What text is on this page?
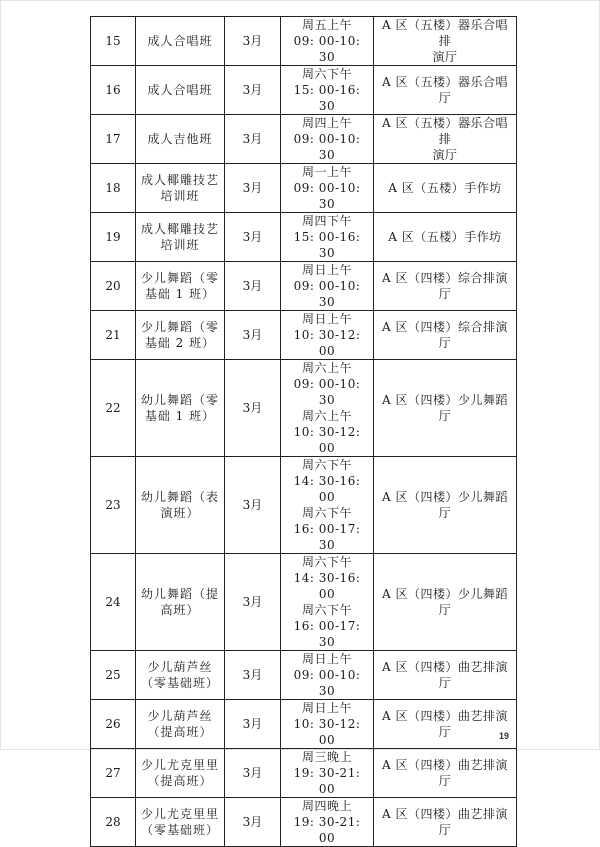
15	成人合唱班	3月	周五上午
09: 00-10: 30	A 区（五楼）器乐合唱排
演厅

16	成人合唱班	3月	周六下午
15: 00-16: 30	A 区（五楼）器乐合唱厅

17	成人吉他班	3月	周四上午
09: 00-10: 30	A 区（五楼）器乐合唱排
演厅

18	成人椰雕技艺
培训班	3月	周一上午
09: 00-10: 30	A 区（五楼）手作坊

19	成人椰雕技艺
培训班	3月	周四下午
15: 00-16: 30	A 区（五楼）手作坊

20	少儿舞蹈（零
基础 1 班）	3月	周日上午
09: 00-10: 30	A 区（四楼）综合排演厅

21	少儿舞蹈（零
基础 2 班）	3月	周日上午
10: 30-12: 00	A 区（四楼）综合排演厅

22	幼儿舞蹈（零
基础 1 班）	3月	周六上午
09: 00-10: 30
周六上午
10: 30-12: 00	A 区（四楼）少儿舞蹈厅

23	幼儿舞蹈（表
演班）	3月	周六下午
14: 30-16: 00
周六下午
16: 00-17: 30	A 区（四楼）少儿舞蹈厅

24	幼儿舞蹈（提
高班）	3月	周六下午
14: 30-16: 00
周六下午
16: 00-17: 30	A 区（四楼）少儿舞蹈厅

25	少儿葫芦丝
（零基础班）	3月	周日上午
09: 00-10: 30	A 区（四楼）曲艺排演厅

26	少儿葫芦丝
（提高班）	3月	周日上午
10: 30-12: 00	A 区（四楼）曲艺排演厅

27	少儿尤克里里
（提高班）	3月	周三晚上
19: 30-21: 00	A 区（四楼）曲艺排演厅

28	少儿尤克里里
（零基础班）	3月	周四晚上
19: 30-21: 00	A 区（四楼）曲艺排演厅
19
